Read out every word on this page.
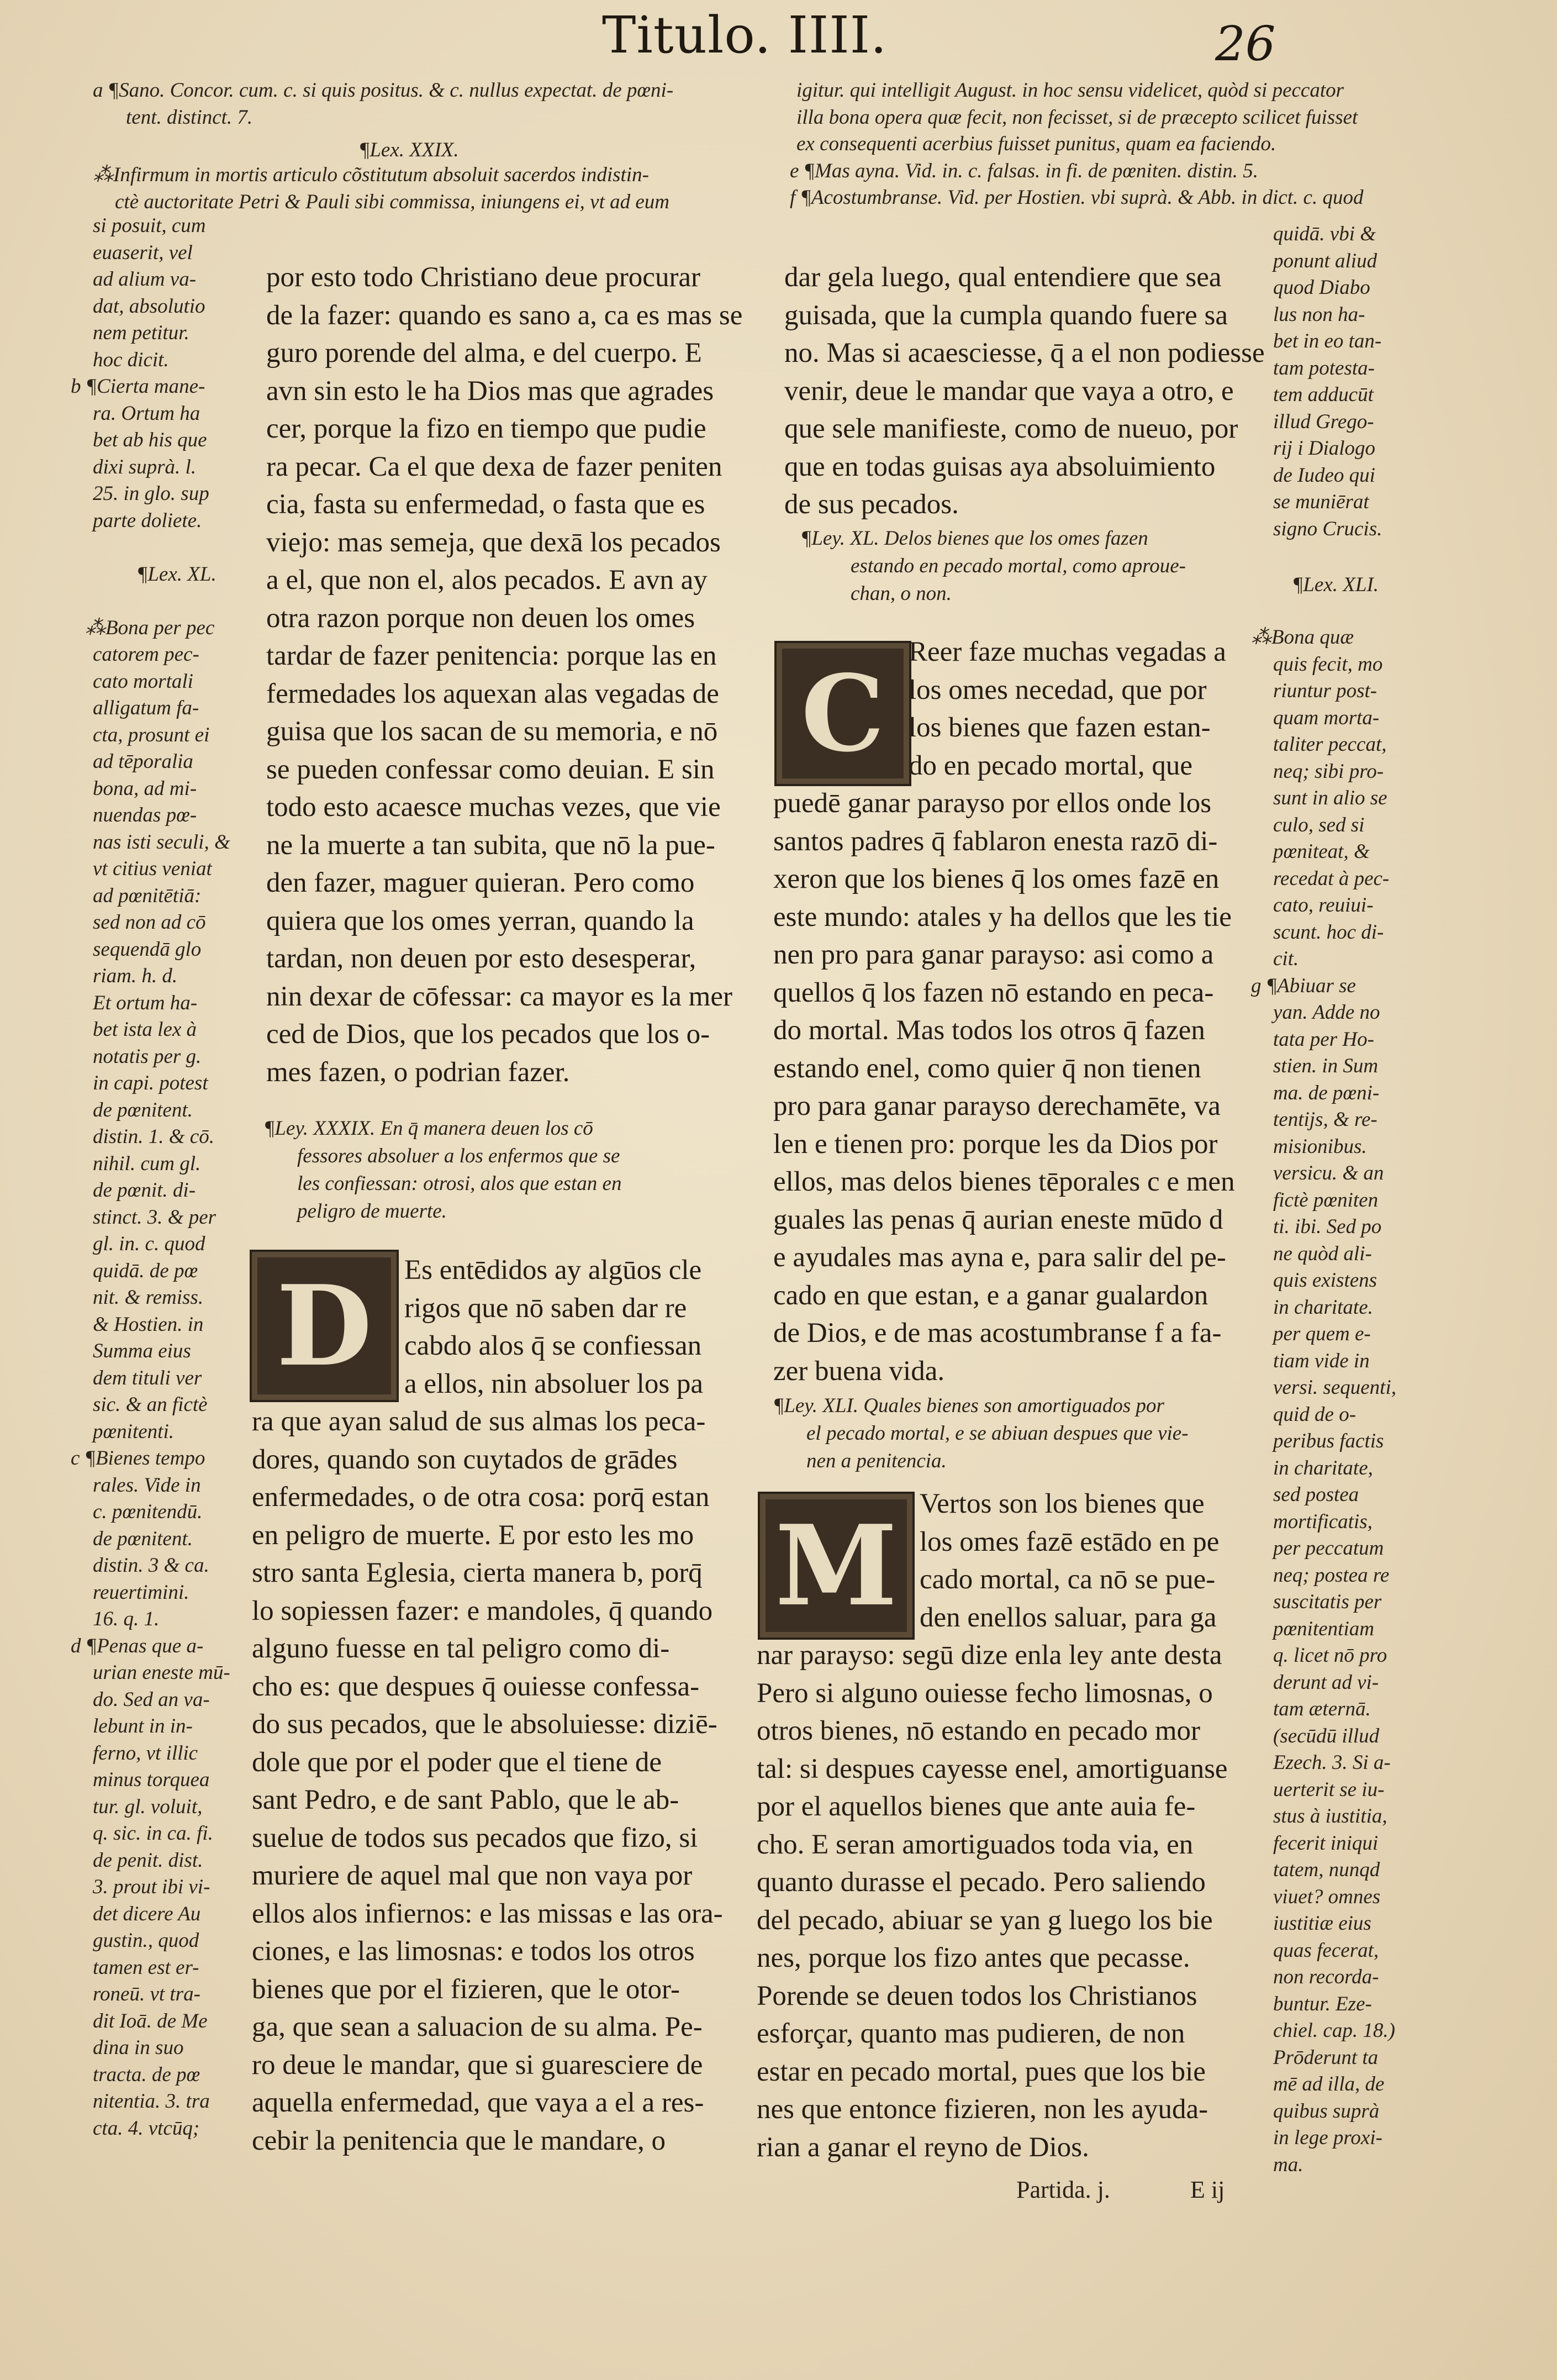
Titulo. IIII.	26

a ¶Sano. Concor. cum. c. si quis positus. & c. nullus expectat. de pœni-

tent. distinct. 7.

¶Lex. XXIX.

⁂Infirmum in mortis articulo cõstitutum absoluit sacerdos indistin-

ctè auctoritate Petri & Pauli sibi commissa, iniungens ei, vt ad eum

igitur. qui intelligit August. in hoc sensu videlicet, quòd si peccator

illa bona opera quæ fecit, non fecisset, si de præcepto scilicet fuisset

ex consequenti acerbius fuisset punitus, quam ea faciendo.

e ¶Mas ayna. Vid. in. c. falsas. in fi. de pœniten. distin. 5.

f ¶Acostumbranse. Vid. per Hostien. vbi suprà. & Abb. in dict. c. quod

si posuit, cum

euaserit, vel

ad alium va-

dat, absolutio

nem petitur.

hoc dicit.

b ¶Cierta mane-

ra. Ortum ha

bet ab his que

dixi suprà. l.

25. in glo. sup

parte doliete.

¶Lex. XL.

⁂Bona per pec

catorem pec-

cato mortali

alligatum fa-

cta, prosunt ei

ad tēporalia

bona, ad mi-

nuendas pœ-

nas isti seculi, &

vt citius veniat

ad pœnitētiā:

sed non ad cō

sequendā glo

riam. h. d.

Et ortum ha-

bet ista lex à

notatis per g.

in capi. potest

de pœnitent.

distin. 1. & cō.

nihil. cum gl.

de pœnit. di-

stinct. 3. & per

gl. in. c. quod

quidā. de pœ

nit. & remiss.

& Hostien. in

Summa eius

dem tituli ver

sic. & an fictè

pœnitenti.

c ¶Bienes tempo

rales. Vide in

c. pœnitendū.

de pœnitent.

distin. 3 & ca.

reuertimini.

16. q. 1.

d ¶Penas que a-

urian eneste mū-

do. Sed an va-

lebunt in in-

ferno, vt illic

minus torquea

tur. gl. voluit,

q. sic. in ca. fi.

de penit. dist.

3. prout ibi vi-

det dicere Au

gustin., quod

tamen est er-

roneū. vt tra-

dit Ioā. de Me

dina in suo

tracta. de pœ

nitentia. 3. tra

cta. 4. vtcūq;

quidā. vbi &

ponunt aliud

quod Diabo

lus non ha-

bet in eo tan-

tam potesta-

tem adducūt

illud Grego-

rij i Dialogo

de Iudeo qui

se muniērat

signo Crucis.

¶Lex. XLI.

⁂Bona quæ

quis fecit, mo

riuntur post-

quam morta-

taliter peccat,

neq; sibi pro-

sunt in alio se

culo, sed si

pœniteat, &

recedat à pec-

cato, reuiui-

scunt. hoc di-

cit.

g ¶Abiuar se

yan. Adde no

tata per Ho-

stien. in Sum

ma. de pœni-

tentijs, & re-

misionibus.

versicu. & an

fictè pœniten

ti. ibi. Sed po

ne quòd ali-

quis existens

in charitate.

per quem e-

tiam vide in

versi. sequenti,

quid de o-

peribus factis

in charitate,

sed postea

mortificatis,

per peccatum

neq; postea re

suscitatis per

pœnitentiam

q. licet nō pro

derunt ad vi-

tam æternā.

(secūdū illud

Ezech. 3. Si a-

uerterit se iu-

stus à iustitia,

fecerit iniqui

tatem, nunqd

viuet? omnes

iustitiæ eius

quas fecerat,

non recorda-

buntur. Eze-

chiel. cap. 18.)

Prōderunt ta

mē ad illa, de

quibus suprà

in lege proxi-

ma.

por esto todo Christiano deue procurar
de la fazer: quando es sano a, ca es mas se
guro porende del alma, e del cuerpo. E
avn sin esto le ha Dios mas que agrades
cer, porque la fizo en tiempo que pudie
ra pecar. Ca el que dexa de fazer peniten
cia, fasta su enfermedad, o fasta que es
viejo: mas semeja, que dexā los pecados
a el, que non el, alos pecados. E avn ay
otra razon porque non deuen los omes
tardar de fazer penitencia: porque las en
fermedades los aquexan alas vegadas de
guisa que los sacan de su memoria, e nō
se pueden confessar como deuian. E sin
todo esto acaesce muchas vezes, que vie
ne la muerte a tan subita, que nō la pue-
den fazer, maguer quieran. Pero como
quiera que los omes yerran, quando la
tardan, non deuen por esto desesperar,
nin dexar de cōfessar: ca mayor es la mer
ced de Dios, que los pecados que los o-
mes fazen, o podrian fazer.

¶Ley. XXXIX. En q̄ manera deuen los cō

fessores absoluer a los enfermos que se

les confiessan: otrosi, alos que estan en

peligro de muerte.

D Es entēdidos ay algūos cle
rigos que nō saben dar re
cabdo alos q̄ se confiessan
a ellos, nin absoluer los pa
ra que ayan salud de sus almas los peca-
dores, quando son cuytados de grādes
enfermedades, o de otra cosa: porq̄ estan
en peligro de muerte. E por esto les mo
stro santa Eglesia, cierta manera b, porq̄
lo sopiessen fazer: e mandoles, q̄ quando
alguno fuesse en tal peligro como di-
cho es: que despues q̄ ouiesse confessa-
do sus pecados, que le absoluiesse: diziē-
dole que por el poder que el tiene de
sant Pedro, e de sant Pablo, que le ab-
suelue de todos sus pecados que fizo, si
muriere de aquel mal que non vaya por
ellos alos infiernos: e las missas e las ora-
ciones, e las limosnas: e todos los otros
bienes que por el fizieren, que le otor-
ga, que sean a saluacion de su alma. Pe-
ro deue le mandar, que si guaresciere de
aquella enfermedad, que vaya a el a res-
cebir la penitencia que le mandare, o
dar gela luego, qual entendiere que sea
guisada, que la cumpla quando fuere sa
no. Mas si acaesciesse, q̄ a el non podiesse
venir, deue le mandar que vaya a otro, e
que sele manifieste, como de nueuo, por
que en todas guisas aya absoluimiento
de sus pecados.

¶Ley. XL. Delos bienes que los omes fazen

estando en pecado mortal, como aproue-

chan, o non.

C Reer faze muchas vegadas a
los omes necedad, que por
los bienes que fazen estan-
do en pecado mortal, que
puedē ganar parayso por ellos onde los
santos padres q̄ fablaron enesta razō di-
xeron que los bienes q̄ los omes fazē en
este mundo: atales y ha dellos que les tie
nen pro para ganar parayso: asi como a
quellos q̄ los fazen nō estando en peca-
do mortal. Mas todos los otros q̄ fazen
estando enel, como quier q̄ non tienen
pro para ganar parayso derechamēte, va
len e tienen pro: porque les da Dios por
ellos, mas delos bienes tēporales c e men
guales las penas q̄ aurian eneste mūdo d
e ayudales mas ayna e, para salir del pe-
cado en que estan, e a ganar gualardon
de Dios, e de mas acostumbranse f a fa-
zer buena vida.

¶Ley. XLI. Quales bienes son amortiguados por

el pecado mortal, e se abiuan despues que vie-

nen a penitencia.

M Vertos son los bienes que
los omes fazē estādo en pe
cado mortal, ca nō se pue-
den enellos saluar, para ga
nar parayso: segū dize enla ley ante desta
Pero si alguno ouiesse fecho limosnas, o
otros bienes, nō estando en pecado mor
tal: si despues cayesse enel, amortiguanse
por el aquellos bienes que ante auia fe-
cho. E seran amortiguados toda via, en
quanto durasse el pecado. Pero saliendo
del pecado, abiuar se yan g luego los bie
nes, porque los fizo antes que pecasse.
Porende se deuen todos los Christianos
esforçar, quanto mas pudieren, de non
estar en pecado mortal, pues que los bie
nes que entonce fizieren, non les ayuda-
rian a ganar el reyno de Dios.
Partida. j.	E ij
